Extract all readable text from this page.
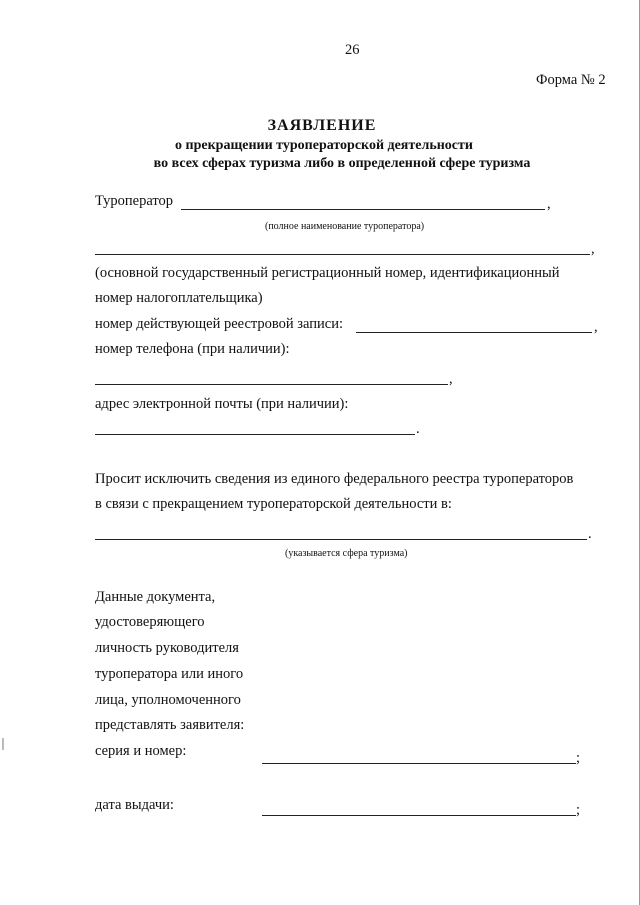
26
Форма № 2
ЗАЯВЛЕНИЕ
о прекращении туроператорской деятельности
во всех сферах туризма либо в определенной сфере туризма
Туроператор	,
(полное наименование туроператора)
,
(основной государственный регистрационный номер, идентификационный
номер налогоплательщика)
номер действующей реестровой записи:	,
номер телефона (при наличии):
,
адрес электронной почты (при наличии):
.
Просит исключить сведения из единого федерального реестра туроператоров
в связи с прекращением туроператорской деятельности в:
.
(указывается сфера туризма)
Данные документа,
удостоверяющего
личность руководителя
туроператора или иного
лица, уполномоченного
представлять заявителя:
серия и номер:	;
дата выдачи:	;
